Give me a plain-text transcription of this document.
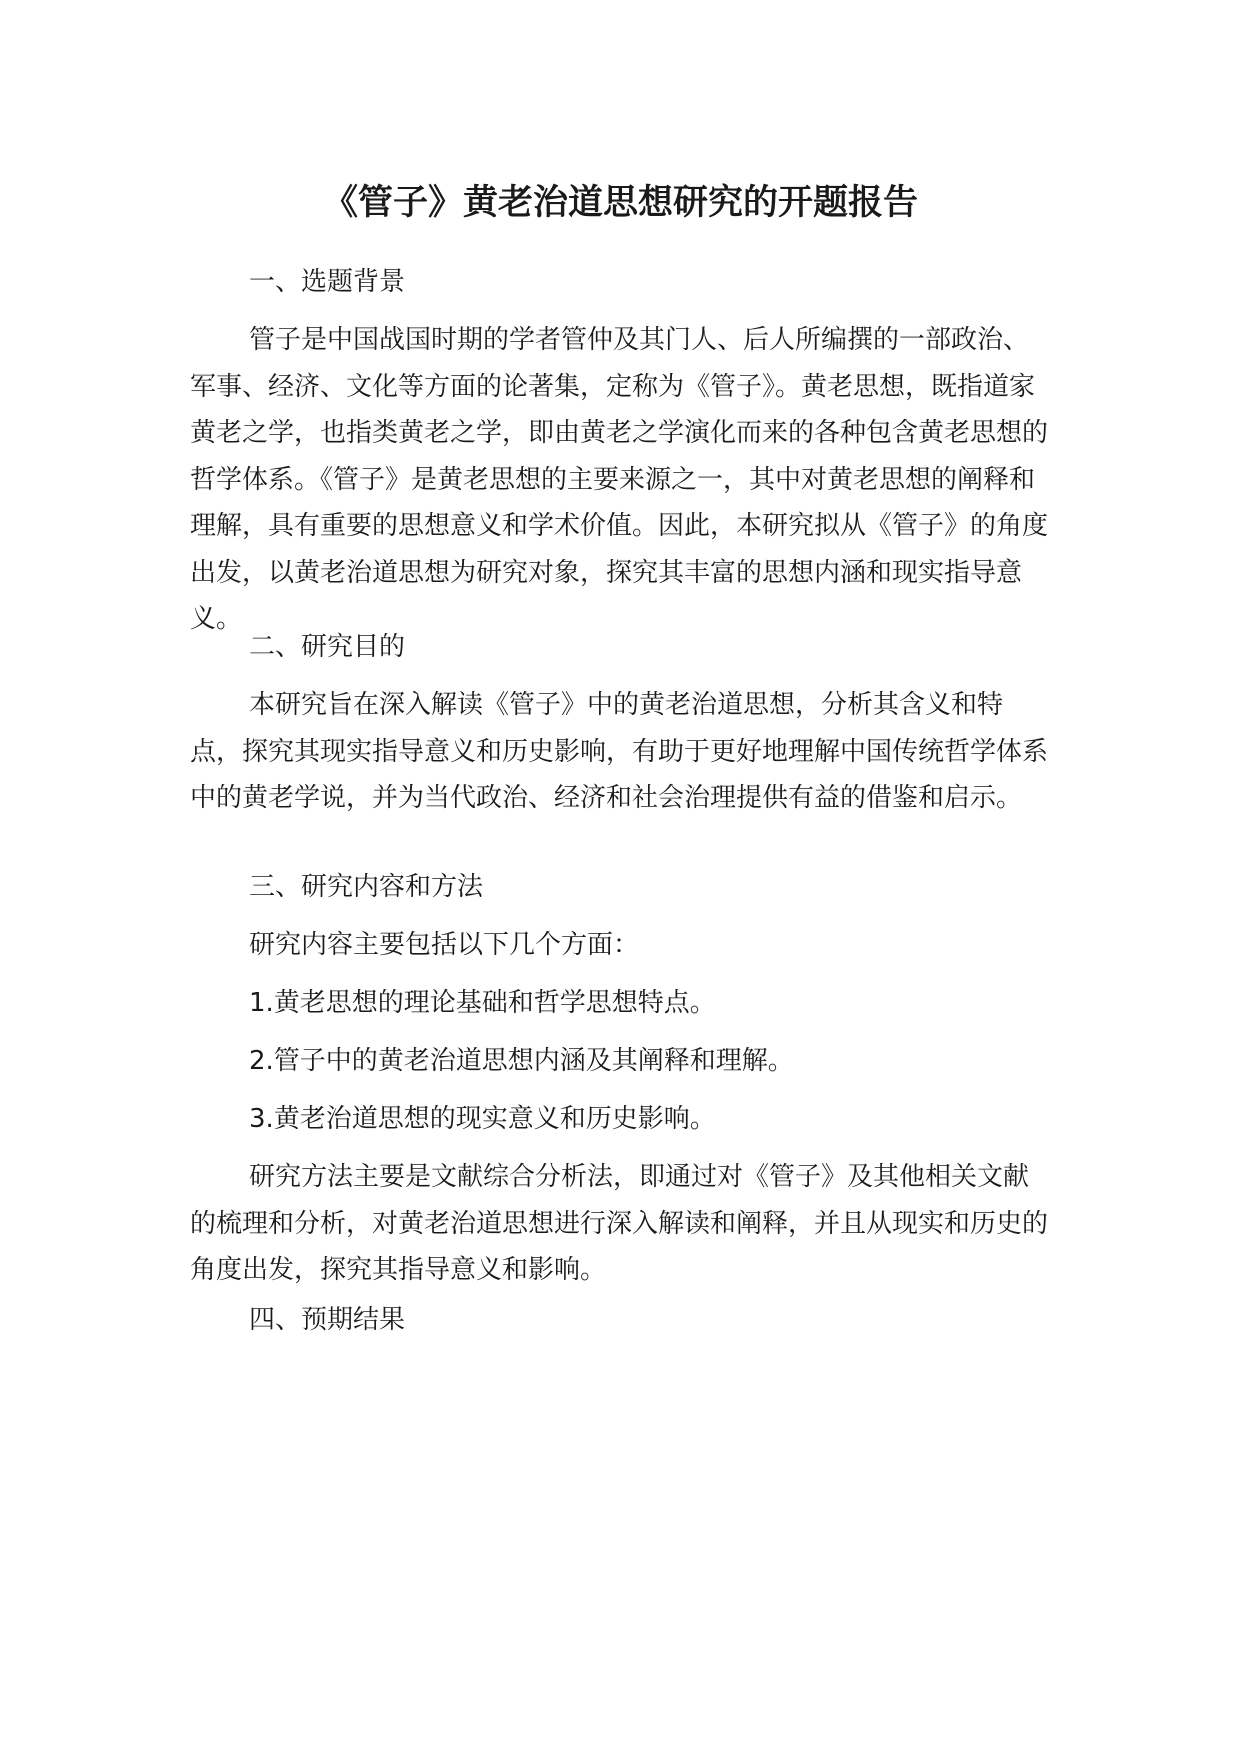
《管子》黄老治道思想研究的开题报告
一、选题背景
管子是中国战国时期的学者管仲及其门人、后人所编撰的一部政治、军事、经济、文化等方面的论著集，定称为《管子》。黄老思想，既指道家黄老之学，也指类黄老之学，即由黄老之学演化而来的各种包含黄老思想的哲学体系。《管子》是黄老思想的主要来源之一，其中对黄老思想的阐释和理解，具有重要的思想意义和学术价值。因此，本研究拟从《管子》的角度出发，以黄老治道思想为研究对象，探究其丰富的思想内涵和现实指导意义。
二、研究目的
本研究旨在深入解读《管子》中的黄老治道思想，分析其含义和特点，探究其现实指导意义和历史影响，有助于更好地理解中国传统哲学体系中的黄老学说，并为当代政治、经济和社会治理提供有益的借鉴和启示。
三、研究内容和方法
研究内容主要包括以下几个方面：
1.黄老思想的理论基础和哲学思想特点。
2.管子中的黄老治道思想内涵及其阐释和理解。
3.黄老治道思想的现实意义和历史影响。
研究方法主要是文献综合分析法，即通过对《管子》及其他相关文献的梳理和分析，对黄老治道思想进行深入解读和阐释，并且从现实和历史的角度出发，探究其指导意义和影响。
四、预期结果
